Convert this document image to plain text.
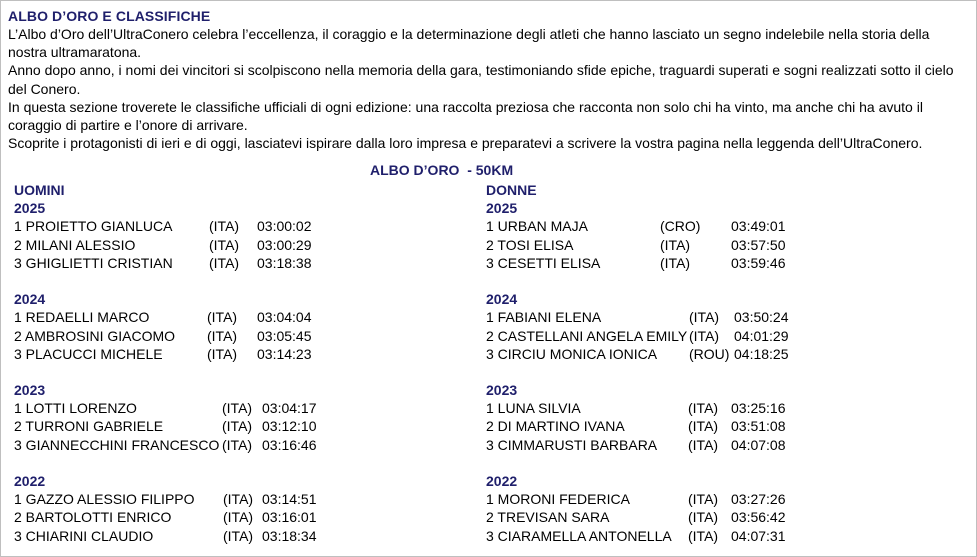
ALBO D’ORO E CLASSIFICHE

L’Albo d’Oro dell’UltraConero celebra l’eccellenza, il coraggio e la determinazione degli atleti che hanno lasciato un segno indelebile nella storia della nostra ultramaratona.

Anno dopo anno, i nomi dei vincitori si scolpiscono nella memoria della gara, testimoniando sfide epiche, traguardi superati e sogni realizzati sotto il cielo del Conero.

In questa sezione troverete le classifiche ufficiali di ogni edizione: una raccolta preziosa che racconta non solo chi ha vinto, ma anche chi ha avuto il coraggio di partire e l’onore di arrivare.

Scoprite i protagonisti di ieri e di oggi, lasciatevi ispirare dalla loro impresa e preparatevi a scrivere la vostra pagina nella leggenda dell’UltraConero.

ALBO D’ORO  - 50KM
UOMINI
2025
1 PROIETTO GIANLUCA	(ITA) 03:00:02
2 MILANI ALESSIO	(ITA) 03:00:29
3 GHIGLIETTI CRISTIAN	(ITA) 03:18:38
2024
1 REDAELLI MARCO	(ITA) 03:04:04
2 AMBROSINI GIACOMO (ITA) 03:05:45
3 PLACUCCI MICHELE	(ITA) 03:14:23
2023
1 LOTTI LORENZO	(ITA) 03:04:17
2 TURRONI GABRIELE	(ITA) 03:12:10
3 GIANNECCHINI FRANCESCO (ITA) 03:16:46
2022
1 GAZZO ALESSIO FILIPPO (ITA) 03:14:51
2 BARTOLOTTI ENRICO	(ITA) 03:16:01
3 CHIARINI CLAUDIO	(ITA) 03:18:34
DONNE
2025
1 URBAN MAJA	(CRO) 03:49:01
2 TOSI ELISA	(ITA)	03:57:50
3 CESETTI ELISA	(ITA)	03:59:46
2024
1 FABIANI ELENA	(ITA) 03:50:24
2 CASTELLANI ANGELA EMILY (ITA) 04:01:29
3 CIRCIU MONICA IONICA (ROU) 04:18:25
2023
1 LUNA SILVIA	(ITA) 03:25:16
2 DI MARTINO IVANA	(ITA) 03:51:08
3 CIMMARUSTI BARBARA (ITA) 04:07:08
2022
1 MORONI FEDERICA	(ITA) 03:27:26
2 TREVISAN SARA	(ITA) 03:56:42
3 CIARAMELLA ANTONELLA (ITA) 04:07:31
